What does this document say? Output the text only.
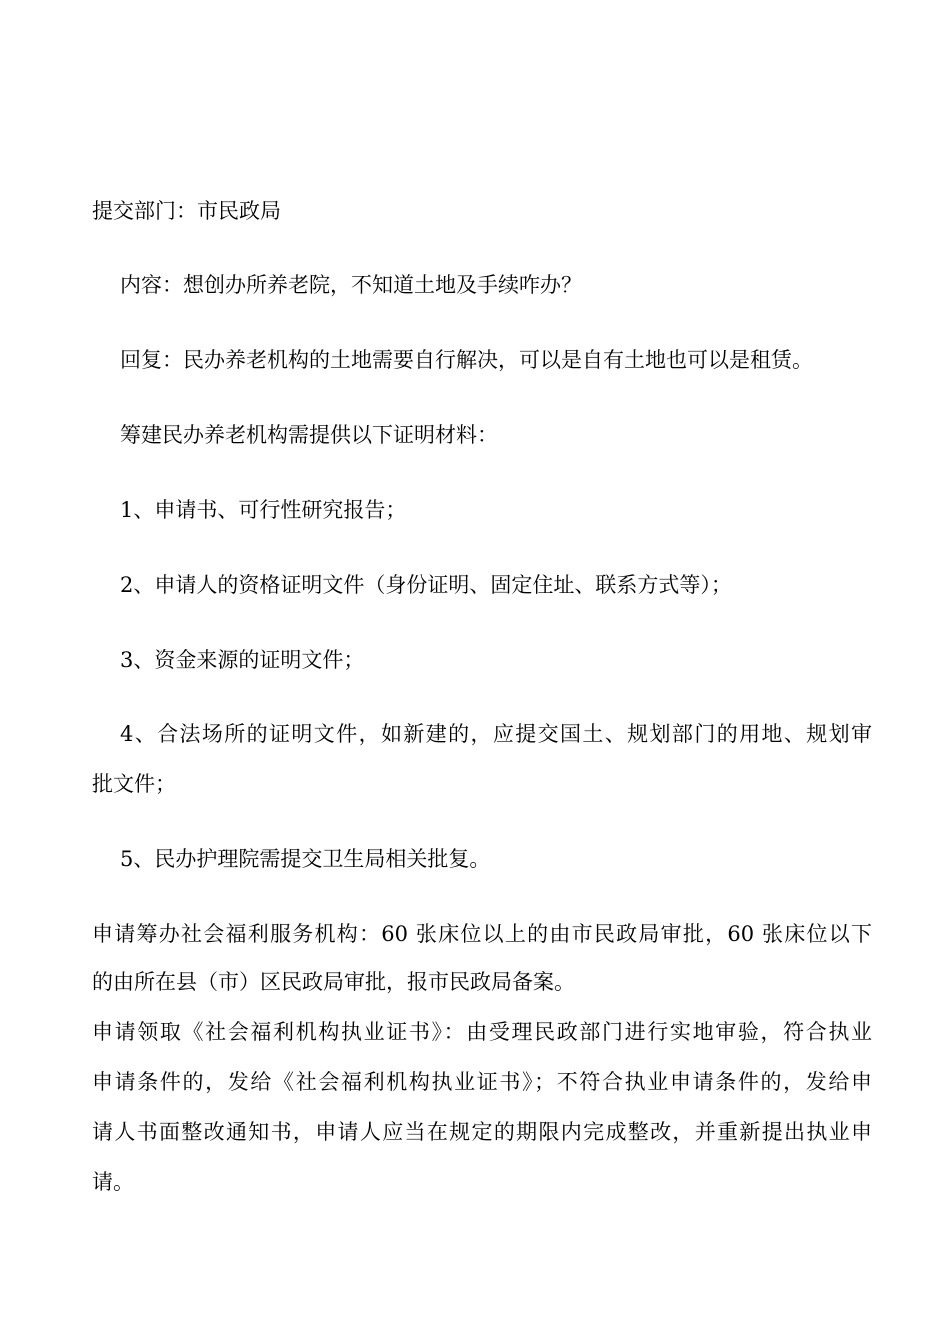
提交部门：市民政局
内容：想创办所养老院，不知道土地及手续咋办？
回复：民办养老机构的土地需要自行解决，可以是自有土地也可以是租赁。
筹建民办养老机构需提供以下证明材料：
1、申请书、可行性研究报告；
2、申请人的资格证明文件（身份证明、固定住址、联系方式等）；
3、资金来源的证明文件；
4、合法场所的证明文件，如新建的，应提交国土、规划部门的用地、规划审
批文件；
5、民办护理院需提交卫生局相关批复。
申请筹办社会福利服务机构：60 张床位以上的由市民政局审批，60 张床位以下
的由所在县（市）区民政局审批，报市民政局备案。
申请领取《社会福利机构执业证书》：由受理民政部门进行实地审验，符合执业
申请条件的，发给《社会福利机构执业证书》；不符合执业申请条件的，发给申
请人书面整改通知书，申请人应当在规定的期限内完成整改，并重新提出执业申
请。
